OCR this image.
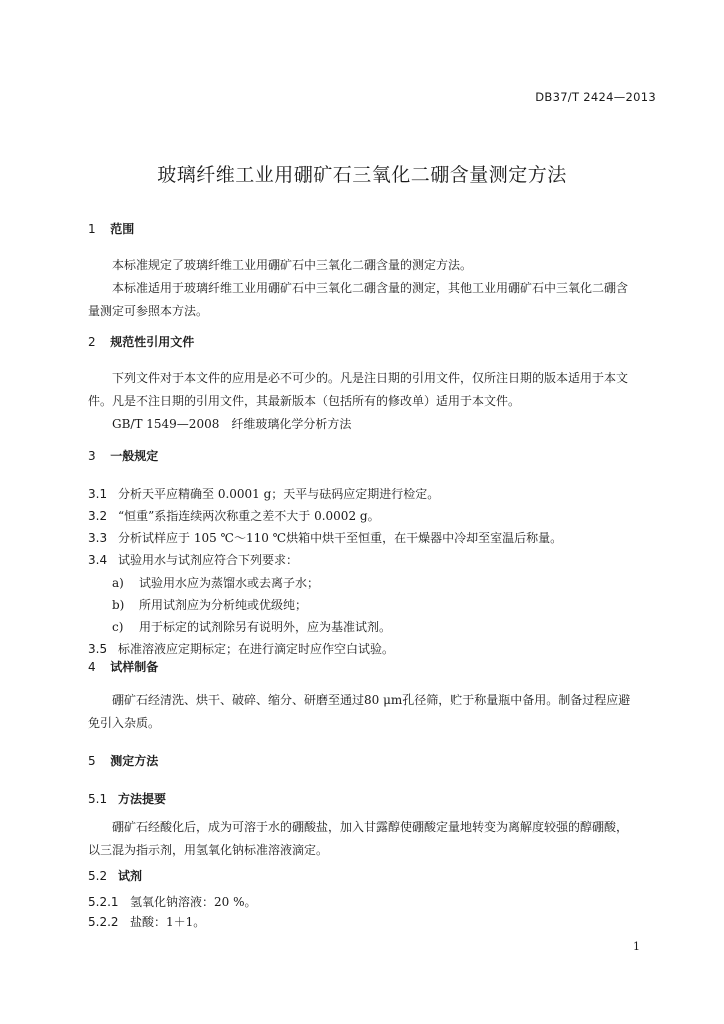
DB37/T 2424—2013
玻璃纤维工业用硼矿石三氧化二硼含量测定方法
1 范围
本标准规定了玻璃纤维工业用硼矿石中三氧化二硼含量的测定方法。
本标准适用于玻璃纤维工业用硼矿石中三氧化二硼含量的测定，其他工业用硼矿石中三氧化二硼含
量测定可参照本方法。
2 规范性引用文件
下列文件对于本文件的应用是必不可少的。凡是注日期的引用文件，仅所注日期的版本适用于本文
件。凡是不注日期的引用文件，其最新版本（包括所有的修改单）适用于本文件。
GB/T 1549—2008　纤维玻璃化学分析方法
3 一般规定
3.1 分析天平应精确至 0.0001 g；天平与砝码应定期进行检定。
3.2 “恒重”系指连续两次称重之差不大于 0.0002 g。
3.3 分析试样应于 105 ℃～110 ℃烘箱中烘干至恒重，在干燥器中冷却至室温后称量。
3.4 试验用水与试剂应符合下列要求：
a) 试验用水应为蒸馏水或去离子水；
b) 所用试剂应为分析纯或优级纯；
c) 用于标定的试剂除另有说明外，应为基准试剂。
3.5 标准溶液应定期标定；在进行滴定时应作空白试验。
4 试样制备
硼矿石经清洗、烘干、破碎、缩分、研磨至通过80 μm孔径筛，贮于称量瓶中备用。制备过程应避
免引入杂质。
5 测定方法
5.1 方法提要
硼矿石经酸化后，成为可溶于水的硼酸盐，加入甘露醇使硼酸定量地转变为离解度较强的醇硼酸，
以三混为指示剂，用氢氧化钠标准溶液滴定。
5.2 试剂
5.2.1 氢氧化钠溶液：20 %。
5.2.2 盐酸：1＋1。
1
